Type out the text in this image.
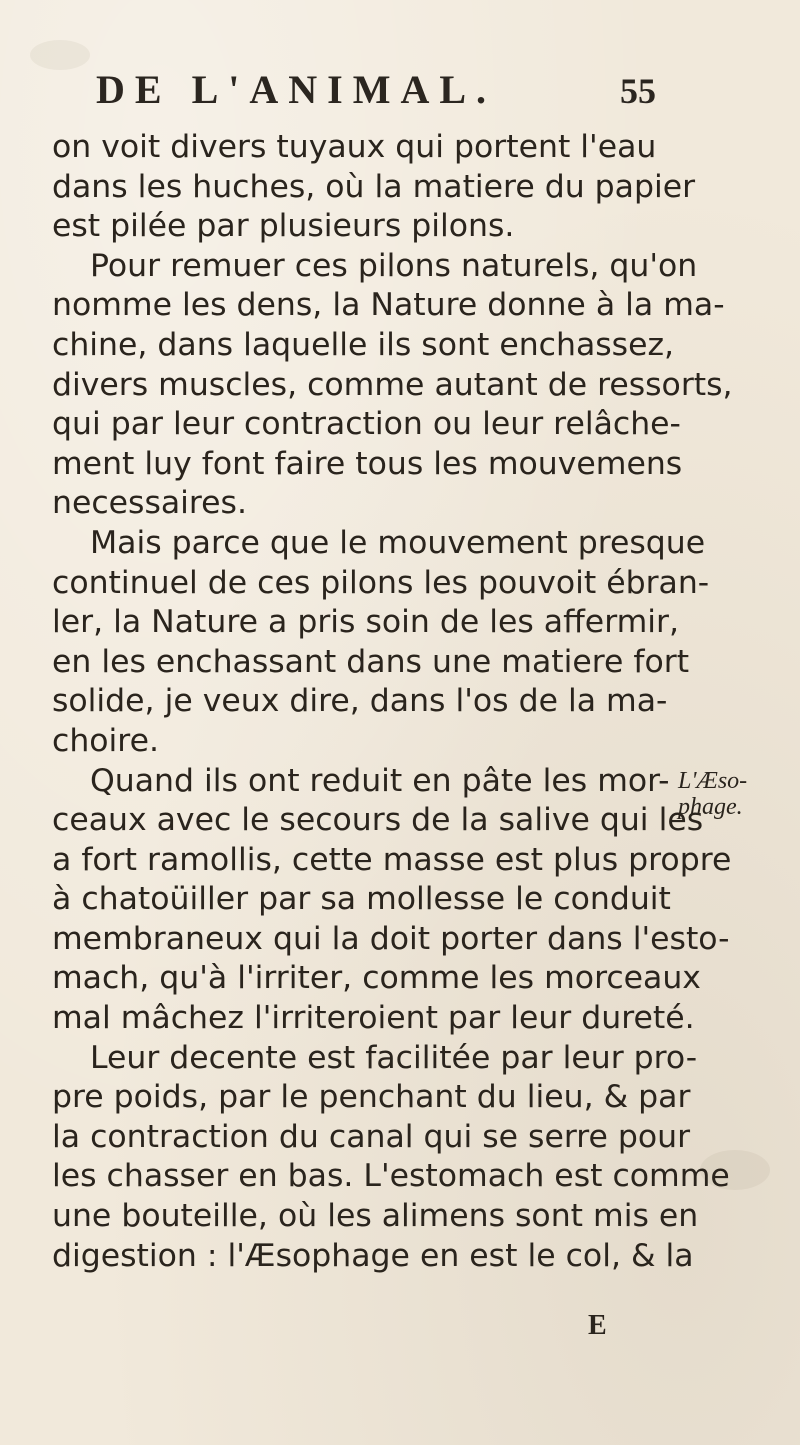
DE L'ANIMAL.	55
on voit divers tuyaux qui portent l'eau
dans les huches, où la matiere du papier
est pilée par plusieurs pilons.
Pour remuer ces pilons naturels, qu'on
nomme les dens, la Nature donne à la ma-
chine, dans laquelle ils sont enchassez,
divers muscles, comme autant de ressorts,
qui par leur contraction ou leur relâche-
ment luy font faire tous les mouvemens
necessaires.
Mais parce que le mouvement presque
continuel de ces pilons les pouvoit ébran-
ler, la Nature a pris soin de les affermir,
en les enchassant dans une matiere fort
solide, je veux dire, dans l'os de la ma-
choire.
Quand ils ont reduit en pâte les mor-
ceaux avec le secours de la salive qui les
a fort ramollis, cette masse est plus propre
à chatoüiller par sa mollesse le conduit
membraneux qui la doit porter dans l'esto-
mach, qu'à l'irriter, comme les morceaux
mal mâchez l'irriteroient par leur dureté.
Leur decente est facilitée par leur pro-
pre poids, par le penchant du lieu, & par
la contraction du canal qui se serre pour
les chasser en bas. L'estomach est comme
une bouteille, où les alimens sont mis en
digestion : l'Æsophage en est le col, & la
L'Æso-
phage.
E
